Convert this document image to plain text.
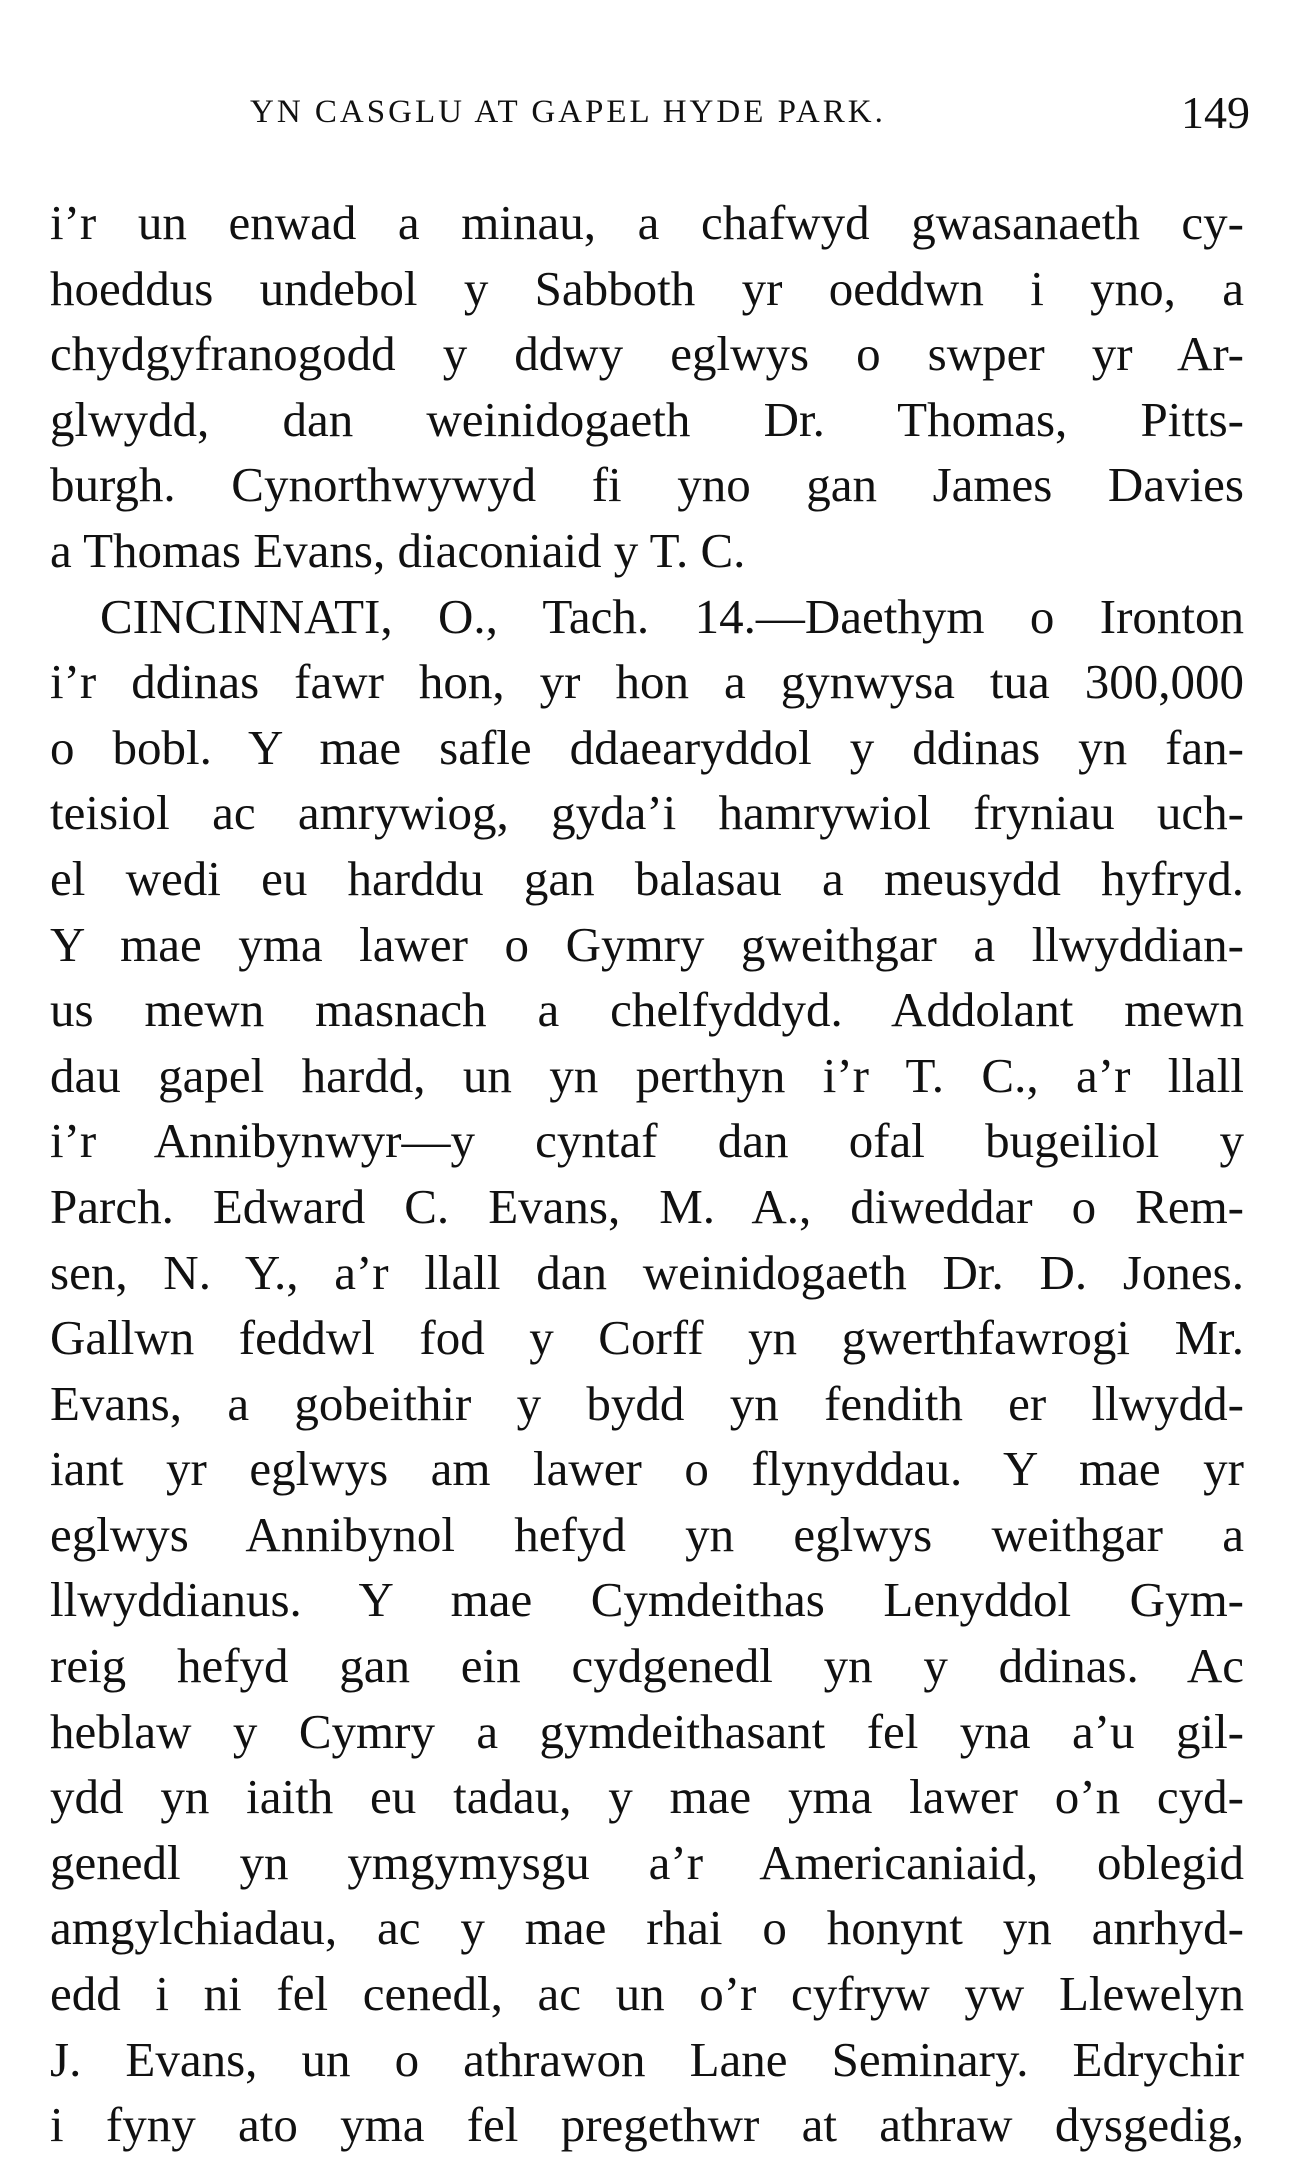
YN CASGLU AT GAPEL HYDE PARK.	149
i’r un enwad a minau, a chafwyd gwasanaeth cy-
hoeddus undebol y Sabboth yr oeddwn i yno, a
chydgyfranogodd y ddwy eglwys o swper yr Ar-
glwydd, dan weinidogaeth Dr. Thomas, Pitts-
burgh. Cynorthwywyd fi yno gan James Davies
a Thomas Evans, diaconiaid y T. C.
CINCINNATI, O., Tach. 14.—Daethym o Ironton
i’r ddinas fawr hon, yr hon a gynwysa tua 300,000
o bobl. Y mae safle ddaearyddol y ddinas yn fan-
teisiol ac amrywiog, gyda’i hamrywiol fryniau uch-
el wedi eu harddu gan balasau a meusydd hyfryd.
Y mae yma lawer o Gymry gweithgar a llwyddian-
us mewn masnach a chelfyddyd. Addolant mewn
dau gapel hardd, un yn perthyn i’r T. C., a’r llall
i’r Annibynwyr—y cyntaf dan ofal bugeiliol y
Parch. Edward C. Evans, M. A., diweddar o Rem-
sen, N. Y., a’r llall dan weinidogaeth Dr. D. Jones.
Gallwn feddwl fod y Corff yn gwerthfawrogi Mr.
Evans, a gobeithir y bydd yn fendith er llwydd-
iant yr eglwys am lawer o flynyddau. Y mae yr
eglwys Annibynol hefyd yn eglwys weithgar a
llwyddianus. Y mae Cymdeithas Lenyddol Gym-
reig hefyd gan ein cydgenedl yn y ddinas. Ac
heblaw y Cymry a gymdeithasant fel yna a’u gil-
ydd yn iaith eu tadau, y mae yma lawer o’n cyd-
genedl yn ymgymysgu a’r Americaniaid, oblegid
amgylchiadau, ac y mae rhai o honynt yn anrhyd-
edd i ni fel cenedl, ac un o’r cyfryw yw Llewelyn
J. Evans, un o athrawon Lane Seminary. Edrychir
i fyny ato yma fel pregethwr at athraw dysgedig,
